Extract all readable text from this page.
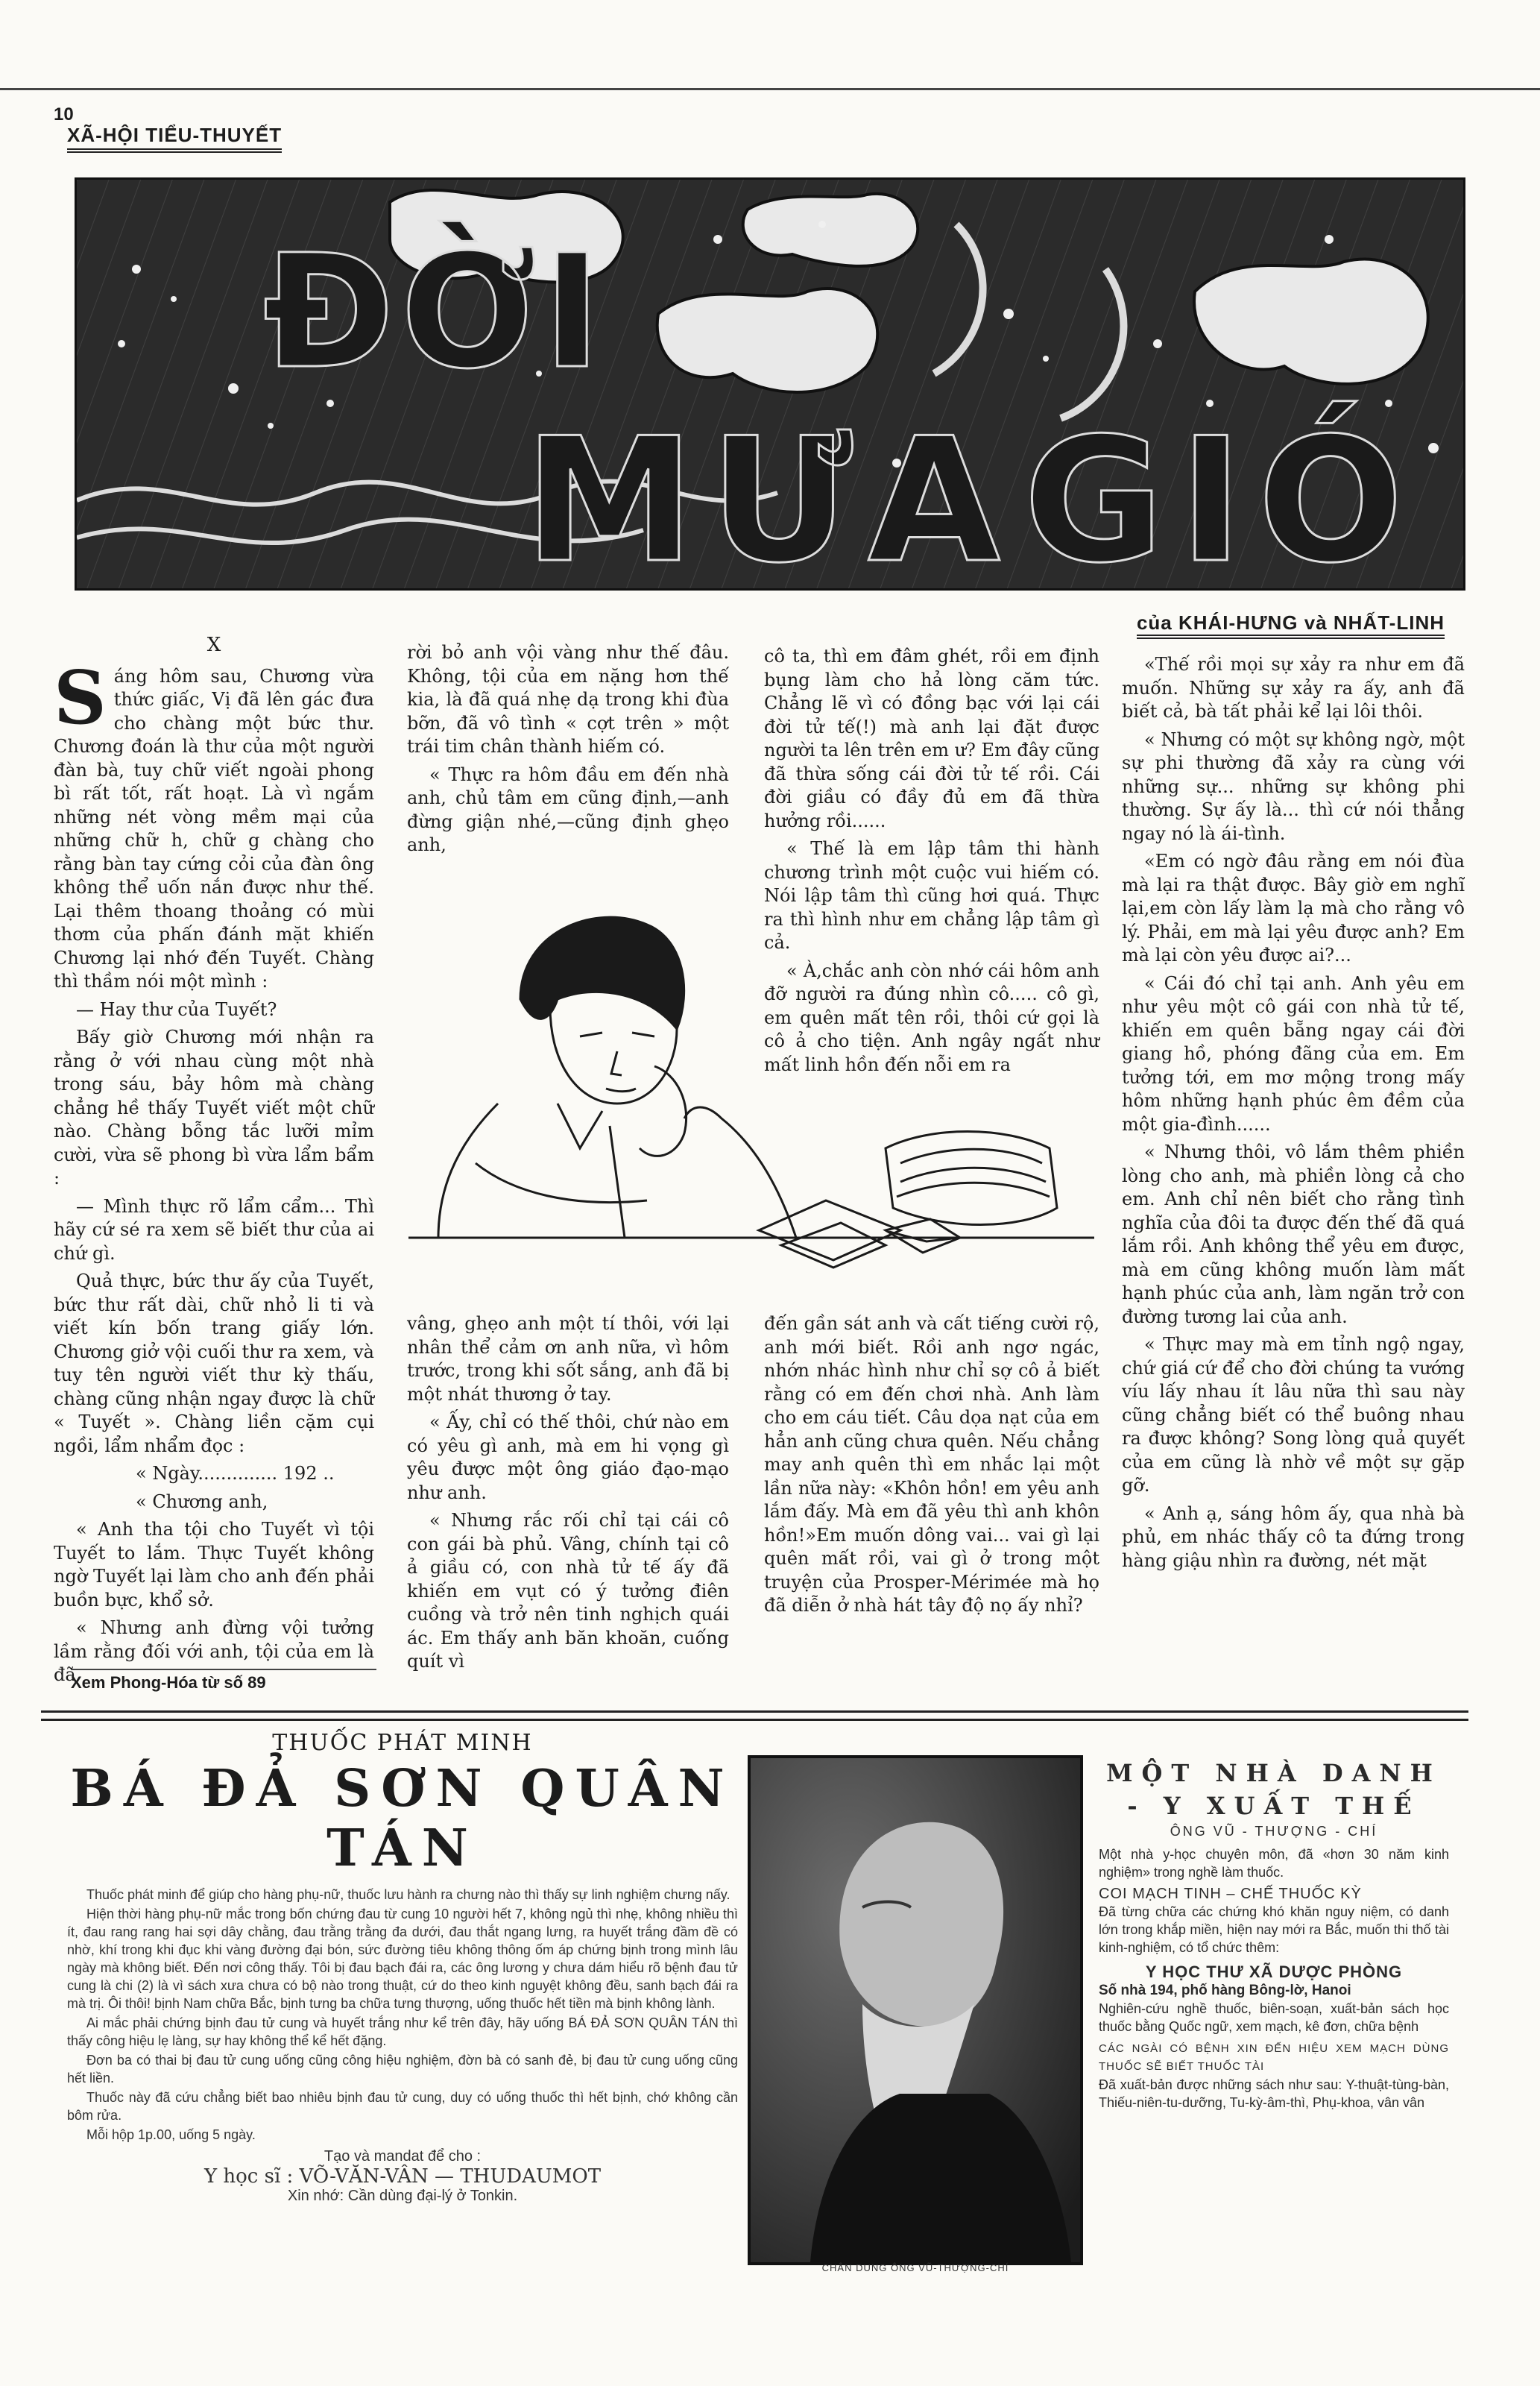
10
XÃ-HỘI TIỂU-THUYẾT
ĐỜI
MƯA GIÓ
của KHÁI-HƯNG và NHẤT-LINH
X

Sáng hôm sau, Chương vừa thức giấc, Vị đã lên gác đưa cho chàng một bức thư. Chương đoán là thư của một người đàn bà, tuy chữ viết ngoài phong bì rất tốt, rất hoạt. Là vì ngắm những nét vòng mềm mại của những chữ h, chữ g chàng cho rằng bàn tay cứng cỏi của đàn ông không thể uốn nắn được như thế. Lại thêm thoang thoảng có mùi thơm của phấn đánh mặt khiến Chương lại nhớ đến Tuyết. Chàng thì thầm nói một mình :

— Hay thư của Tuyết?

Bấy giờ Chương mới nhận ra rằng ở với nhau cùng một nhà trong sáu, bảy hôm mà chàng chẳng hề thấy Tuyết viết một chữ nào. Chàng bỗng tắc lưỡi mỉm cười, vừa sẽ phong bì vừa lẩm bẩm :

— Mình thực rõ lẩm cẩm... Thì hãy cứ sé ra xem sẽ biết thư của ai chứ gì.

Quả thực, bức thư ấy của Tuyết, bức thư rất dài, chữ nhỏ li ti và viết kín bốn trang giấy lớn. Chương giở vội cuối thư ra xem, và tuy tên người viết thư kỳ thấu, chàng cũng nhận ngay được là chữ « Tuyết ». Chàng liền cặm cụi ngồi, lẩm nhẩm đọc :

« Ngày.............. 192 ..

« Chương anh,

« Anh tha tội cho Tuyết vì tội Tuyết to lắm. Thực Tuyết không ngờ Tuyết lại làm cho anh đến phải buồn bực, khổ sở.

« Nhưng anh đừng vội tưởng lầm rằng đối với anh, tội của em là đã

Xem Phong-Hóa từ số 89

rời bỏ anh vội vàng như thế đâu. Không, tội của em nặng hơn thế kia, là đã quá nhẹ dạ trong khi đùa bỡn, đã vô tình « cợt trên » một trái tim chân thành hiếm có.

« Thực ra hôm đầu em đến nhà anh, chủ tâm em cũng định,—anh đừng giận nhé,—cũng định ghẹo anh,

cô ta, thì em đâm ghét, rồi em định bụng làm cho hả lòng căm tức. Chẳng lẽ vì có đồng bạc với lại cái đời tử tế(!) mà anh lại đặt được người ta lên trên em ư? Em đây cũng đã thừa sống cái đời tử tế rồi. Cái đời giầu có đầy đủ em đã thừa hưởng rồi......

« Thế là em lập tâm thi hành chương trình một cuộc vui hiếm có. Nói lập tâm thì cũng hơi quá. Thực ra thì hình như em chẳng lập tâm gì cả.

« À,chắc anh còn nhớ cái hôm anh đỡ người ra đúng nhìn cô..... cô gì, em quên mất tên rồi, thôi cứ gọi là cô ả cho tiện. Anh ngây ngất như mất linh hồn đến nỗi em ra

vâng, ghẹo anh một tí thôi, với lại nhân thể cảm ơn anh nữa, vì hôm trước, trong khi sốt sắng, anh đã bị một nhát thương ở tay.

« Ấy, chỉ có thế thôi, chứ nào em có yêu gì anh, mà em hi vọng gì yêu được một ông giáo đạo-mạo như anh.

« Nhưng rắc rối chỉ tại cái cô con gái bà phủ. Vâng, chính tại cô ả giầu có, con nhà tử tế ấy đã khiến em vụt có ý tưởng điên cuồng và trở nên tinh nghịch quái ác. Em thấy anh băn khoăn, cuống quít vì

đến gần sát anh và cất tiếng cười rộ, anh mới biết. Rồi anh ngơ ngác, nhớn nhác hình như chỉ sợ cô ả biết rằng có em đến chơi nhà. Anh làm cho em cáu tiết. Câu dọa nạt của em hẳn anh cũng chưa quên. Nếu chẳng may anh quên thì em nhắc lại một lần nữa này: «Khôn hồn! em yêu anh lắm đấy. Mà em đã yêu thì anh khôn hồn!»Em muốn dông vai... vai gì lại quên mất rồi, vai gì ở trong một truyện của Prosper-Mérimée mà họ đã diễn ở nhà hát tây độ nọ ấy nhỉ?

«Thế rồi mọi sự xảy ra như em đã muốn. Những sự xảy ra ấy, anh đã biết cả, bà tất phải kể lại lôi thôi.

« Nhưng có một sự không ngờ, một sự phi thường đã xảy ra cùng với những sự... những sự không phi thường. Sự ấy là... thì cứ nói thẳng ngay nó là ái-tình.

«Em có ngờ đâu rằng em nói đùa mà lại ra thật được. Bây giờ em nghĩ lại,em còn lấy làm lạ mà cho rằng vô lý. Phải, em mà lại yêu được anh? Em mà lại còn yêu được ai?...

« Cái đó chỉ tại anh. Anh yêu em như yêu một cô gái con nhà tử tế, khiến em quên bẵng ngay cái đời giang hồ, phóng đãng của em. Em tưởng tới, em mơ mộng trong mấy hôm những hạnh phúc êm đềm của một gia-đình......

« Nhưng thôi, vô lắm thêm phiền lòng cho anh, mà phiền lòng cả cho em. Anh chỉ nên biết cho rằng tình nghĩa của đôi ta được đến thế đã quá lắm rồi. Anh không thể yêu em được, mà em cũng không muốn làm mất hạnh phúc của anh, làm ngăn trở con đường tương lai của anh.

« Thực may mà em tỉnh ngộ ngay, chứ giá cứ để cho đời chúng ta vướng víu lấy nhau ít lâu nữa thì sau này cũng chẳng biết có thể buông nhau ra được không? Song lòng quả quyết của em cũng là nhờ về một sự gặp gỡ.

« Anh ạ, sáng hôm ấy, qua nhà bà phủ, em nhác thấy cô ta đứng trong hàng giậu nhìn ra đường, nét mặt

THUỐC PHÁT MINH
BÁ ĐẢ SƠN QUÂN TÁN

Thuốc phát minh để giúp cho hàng phụ-nữ, thuốc lưu hành ra chưng nào thì thấy sự linh nghiệm chưng nấy.

Hiện thời hàng phụ-nữ mắc trong bốn chứng đau từ cung 10 người hết 7, không ngủ thì nhẹ, không nhiều thì ít, đau rang rang hai sợi dây chằng, đau trằng trằng đa dưới, đau thắt ngang lưng, ra huyết trắng đầm đề có nhờ, khí trong khi đục khi vàng đường đại bón, sức đường tiêu không thông ốm áp chứng bịnh trong mình lâu ngày mà không biết. Đến nơi công thấy. Tôi bị đau bạch đái ra, các ông lương y chưa dám hiểu rõ bệnh đau tử cung là chi (2) là vì sách xưa chưa có bộ nào trong thuật, cứ do theo kinh nguyệt không đều, sanh bạch đái ra mà trị. Ôi thôi! bịnh Nam chữa Bắc, bịnh tưng ba chữa tưng thượng, uống thuốc hết tiền mà bịnh không lành.

Ai mắc phải chứng bịnh đau tử cung và huyết trắng như kể trên đây, hãy uống BÁ ĐẢ SƠN QUÂN TÁN thì thấy công hiệu lẹ làng, sự hay không thể kể hết đặng.

Đơn ba có thai bị đau tử cung uống cũng công hiệu nghiệm, đờn bà có sanh đẻ, bị đau tử cung uống cũng hết liền.

Thuốc này đã cứu chẳng biết bao nhiêu bịnh đau tử cung, duy có uống thuốc thì hết bịnh, chớ không cần bôm rửa.

Mỗi hộp 1p.00, uống 5 ngày.

Tạo và mandat để cho :
Y học sĩ : VÕ-VĂN-VÂN — THUDAUMOT
Xin nhớ: Cần dùng đại-lý ở Tonkin.
CHÂN DUNG ÔNG VŨ-THƯỢNG-CHÍ
MỘT NHÀ DANH - Y XUẤT THẾ
ÔNG VŨ - THƯỢNG - CHÍ
Một nhà y-học chuyên môn, đã «hơn 30 năm kinh nghiệm» trong nghề làm thuốc.
COI MẠCH TINH – CHẾ THUỐC KỲ
Đã từng chữa các chứng khó khăn nguy niệm, có danh lớn trong khắp miền, hiện nay mới ra Bắc, muốn thi thố tài kinh-nghiệm, có tổ chức thêm:
Y HỌC THƯ XÃ DƯỢC PHÒNG
Số nhà 194, phố hàng Bông-lờ, Hanoi
Nghiên-cứu nghề thuốc, biên-soạn, xuất-bản sách học thuốc bằng Quốc ngữ, xem mạch, kê đơn, chữa bệnh
CÁC NGÀI CÓ BỆNH XIN ĐẾN HIỆU XEM MẠCH DÙNG THUỐC SẼ BIẾT THUỐC TÀI
Đã xuất-bản được những sách như sau: Y-thuật-tùng-bàn, Thiếu-niên-tu-dưỡng, Tu-kỳ-âm-thì, Phụ-khoa, vân vân
